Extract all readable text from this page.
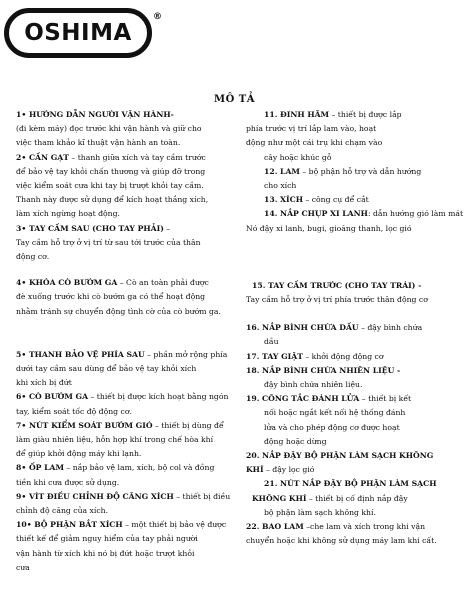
OSHIMA
®
MÔ TẢ

1• HƯỚNG DẪN NGƯỜI VẬN HÀNH-

(đi kèm máy) đọc trước khi vận hành và giữ cho

việc tham khảo kĩ thuật vận hành an toàn.

2• CẦN GẠT – thanh giữa xích và tay cầm trước

để bảo vệ tay khỏi chấn thương và giúp đỡ trong

việc kiểm soát cưa khi tay bị trượt khỏi tay cầm.

Thanh này được sử dụng để kích hoạt thắng xích,

làm xích ngừng hoạt động.

3• TAY CẦM SAU (CHO TAY PHẢI) –

Tay cầm hỗ trợ ở vị trí từ sau tới trước của thân

động cơ.

4• KHÓA CÒ BƯỚM GA – Cò an toàn phải được

đè xuống trước khi cò bướm ga có thể hoạt động

nhằm tránh sự chuyển động tình cờ của cò bướm ga.

5• THANH BẢO VỆ PHÍA SAU – phần mở rộng phía

dưới tay cầm sau dùng để bảo vệ tay khỏi xích

khi xích bị đứt

6• CÒ BƯỚM GA – thiết bị được kích hoạt bằng ngón

tay, kiểm soát tốc độ động cơ.

7• NÚT KIỂM SOÁT BƯỚM GIÓ – thiết bị dùng để

làm giàu nhiên liệu, hỗn hợp khí trong chế hòa khí

để giúp khởi động máy khi lạnh.

8• ỐP LAM – nắp bảo vệ lam, xích, bộ col và đồng

tiền khi cưa được sử dụng.

9• VÍT ĐIỀU CHỈNH ĐỘ CĂNG XÍCH – thiết bị điều

chỉnh độ căng của xích.

10• BỘ PHẬN BẮT XÍCH – một thiết bị bảo vệ được

thiết kế để giảm nguy hiểm của tay phải người

vận hành từ xích khi nó bị đứt hoặc trượt khỏi

cưa

11. ĐINH HÃM – thiết bị được lắp

phía trước vị trí lắp lam vào, hoạt

động như một cái trụ khi chạm vào

cây hoặc khúc gỗ

12. LAM – bộ phận hỗ trợ và dẫn hướng

cho xích

13. XÍCH – công cụ để cắt

14. NẮP CHỤP XI LANH: dẫn hướng gió làm mát

Nó đậy xi lanh, bugi, gioăng thanh, lọc gió

15. TAY CẦM TRƯỚC (CHO TAY TRÁI) -

Tay cầm hỗ trợ ở vị trí phía trước thân động cơ

16. NẮP BÌNH CHỨA DẦU – đậy bình chứa

dầu

17. TAY GIẬT – khởi động động cơ

18. NẮP BÌNH CHỨA NHIÊN LIỆU -

đậy bình chứa nhiên liệu.

19. CÔNG TẮC ĐÁNH LỬA – thiết bị kết

nối hoặc ngắt kết nối hệ thống đánh

lửa và cho phép động cơ được hoạt

động hoặc dừng

20. NẮP ĐẬY BỘ PHẬN LÀM SẠCH KHÔNG

KHÍ – đậy lọc gió

21. NÚT NẮP ĐẬY BỘ PHẬN LÀM SẠCH

KHÔNG KHÍ – thiết bị cố định nắp đậy

bộ phận làm sạch không khí.

22. BAO LAM –che lam và xích trong khi vận

chuyển hoặc khi không sử dụng máy lam khi cất.
